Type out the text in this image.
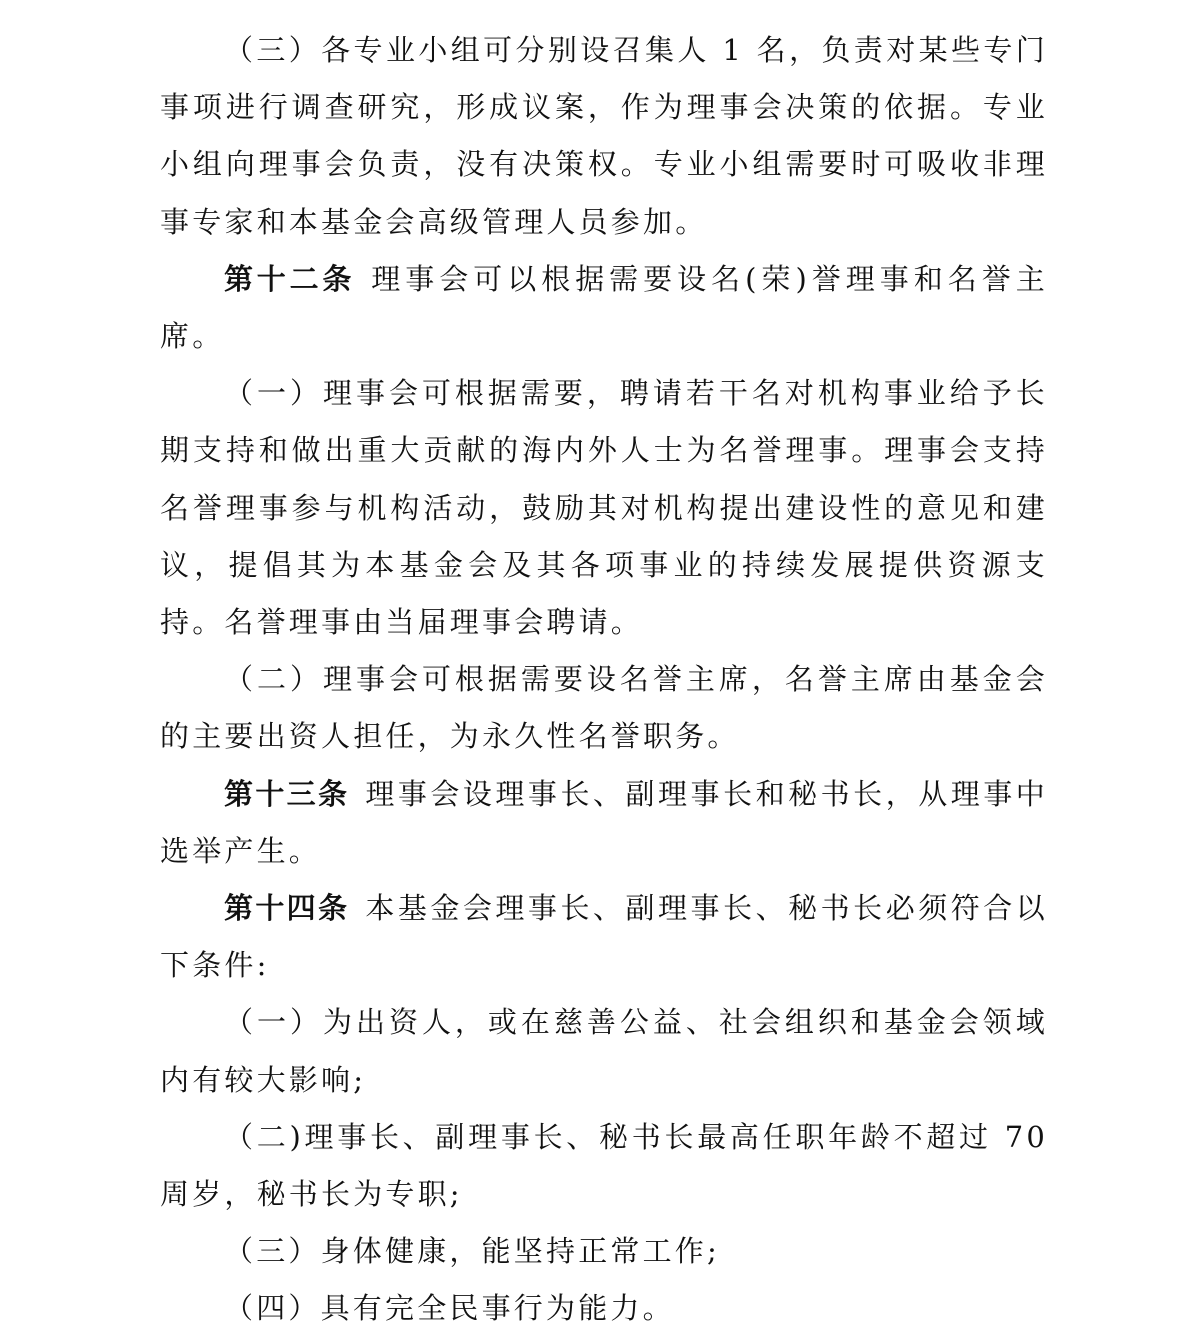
（三）各专业小组可分别设召集人 1 名，负责对某些专门事项进行调查研究，形成议案，作为理事会决策的依据。专业小组向理事会负责，没有决策权。专业小组需要时可吸收非理事专家和本基金会高级管理人员参加。

第十二条 理事会可以根据需要设名(荣)誉理事和名誉主席。

（一）理事会可根据需要，聘请若干名对机构事业给予长期支持和做出重大贡献的海内外人士为名誉理事。理事会支持名誉理事参与机构活动，鼓励其对机构提出建设性的意见和建议，提倡其为本基金会及其各项事业的持续发展提供资源支持。名誉理事由当届理事会聘请。

（二）理事会可根据需要设名誉主席，名誉主席由基金会的主要出资人担任，为永久性名誉职务。

第十三条 理事会设理事长、副理事长和秘书长，从理事中选举产生。

第十四条 本基金会理事长、副理事长、秘书长必须符合以下条件:

（一）为出资人，或在慈善公益、社会组织和基金会领域内有较大影响;

（二)理事长、副理事长、秘书长最高任职年龄不超过 70 周岁，秘书长为专职;

（三）身体健康，能坚持正常工作;

（四）具有完全民事行为能力。
